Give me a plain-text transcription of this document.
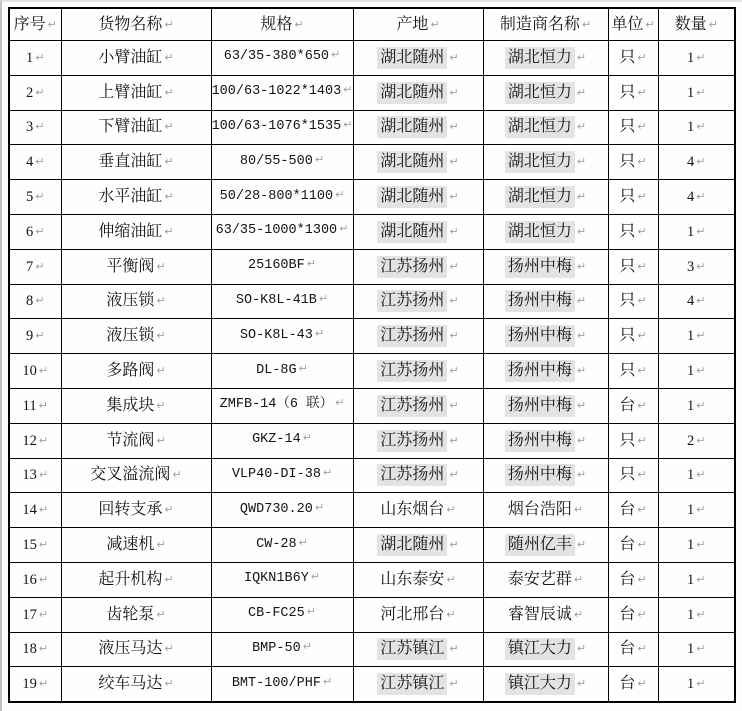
序号 ↵	货物名称 ↵	规格 ↵	产地 ↵	制造商名称 ↵	单位 ↵	数量 ↵
1 ↵	小臂油缸 ↵	63/35-380*650 ↵	湖北随州 ↵	湖北恒力 ↵	只 ↵	1 ↵
2 ↵	上臂油缸 ↵	100/63-1022*1403 ↵	湖北随州 ↵	湖北恒力 ↵	只 ↵	1 ↵
3 ↵	下臂油缸 ↵	100/63-1076*1535 ↵	湖北随州 ↵	湖北恒力 ↵	只 ↵	1 ↵
4 ↵	垂直油缸 ↵	80/55-500 ↵	湖北随州 ↵	湖北恒力 ↵	只 ↵	4 ↵
5 ↵	水平油缸 ↵	50/28-800*1100 ↵	湖北随州 ↵	湖北恒力 ↵	只 ↵	4 ↵
6 ↵	伸缩油缸 ↵	63/35-1000*1300 ↵	湖北随州 ↵	湖北恒力 ↵	只 ↵	1 ↵
7 ↵	平衡阀 ↵	25160BF ↵	江苏扬州 ↵	扬州中梅 ↵	只 ↵	3 ↵
8 ↵	液压锁 ↵	SO-K8L-41B ↵	江苏扬州 ↵	扬州中梅 ↵	只 ↵	4 ↵
9 ↵	液压锁 ↵	SO-K8L-43 ↵	江苏扬州 ↵	扬州中梅 ↵	只 ↵	1 ↵
10 ↵	多路阀 ↵	DL-8G ↵	江苏扬州 ↵	扬州中梅 ↵	只 ↵	1 ↵
11 ↵	集成块 ↵	ZMFB-14（6 联） ↵	江苏扬州 ↵	扬州中梅 ↵	台 ↵	1 ↵
12 ↵	节流阀 ↵	GKZ-14 ↵	江苏扬州 ↵	扬州中梅 ↵	只 ↵	2 ↵
13 ↵	交叉溢流阀 ↵	VLP40-DI-38 ↵	江苏扬州 ↵	扬州中梅 ↵	只 ↵	1 ↵
14 ↵	回转支承 ↵	QWD730.20 ↵	山东烟台 ↵	烟台浩阳 ↵	台 ↵	1 ↵
15 ↵	减速机 ↵	CW-28 ↵	湖北随州 ↵	随州亿丰 ↵	台 ↵	1 ↵
16 ↵	起升机构 ↵	IQKN1B6Y ↵	山东泰安 ↵	泰安艺群 ↵	台 ↵	1 ↵
17 ↵	齿轮泵 ↵	CB-FC25 ↵	河北邢台 ↵	睿智辰诚 ↵	台 ↵	1 ↵
18 ↵	液压马达 ↵	BMP-50 ↵	江苏镇江 ↵	镇江大力 ↵	台 ↵	1 ↵
19 ↵	绞车马达 ↵	BMT-100/PHF ↵	江苏镇江 ↵	镇江大力 ↵	台 ↵	1 ↵
